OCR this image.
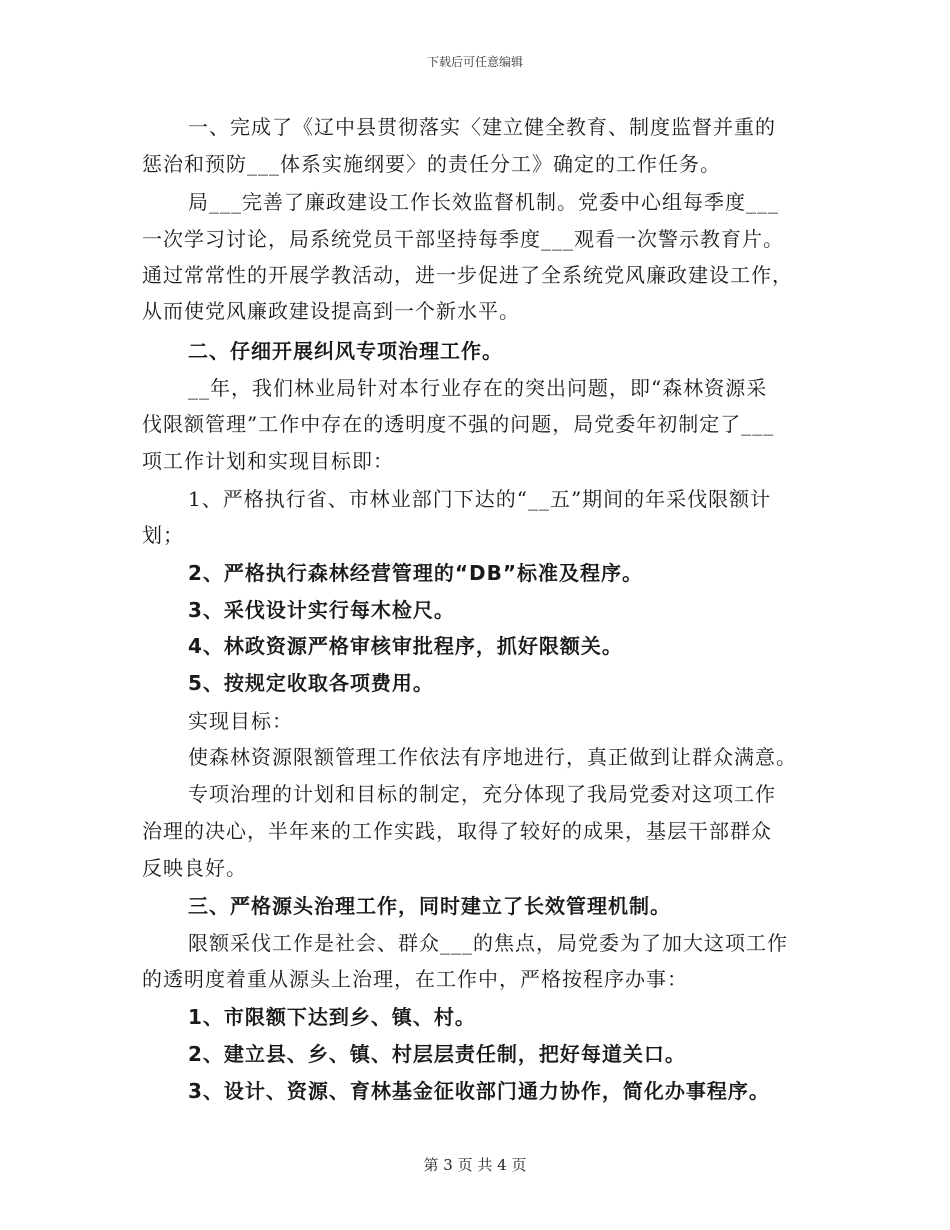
下载后可任意编辑
一、完成了《辽中县贯彻落实〈建立健全教育、制度监督并重的
惩治和预防___体系实施纲要〉的责任分工》确定的工作任务。
局___完善了廉政建设工作长效监督机制。党委中心组每季度___
一次学习讨论，局系统党员干部坚持每季度___观看一次警示教育片。
通过常常性的开展学教活动，进一步促进了全系统党风廉政建设工作，
从而使党风廉政建设提高到一个新水平。
二、仔细开展纠风专项治理工作。
__年，我们林业局针对本行业存在的突出问题，即“森林资源采
伐限额管理”工作中存在的透明度不强的问题，局党委年初制定了___
项工作计划和实现目标即：
1、严格执行省、市林业部门下达的“__五”期间的年采伐限额计
划；
2、严格执行森林经营管理的“DB”标准及程序。
3、采伐设计实行每木检尺。
4、林政资源严格审核审批程序，抓好限额关。
5、按规定收取各项费用。
实现目标：
使森林资源限额管理工作依法有序地进行，真正做到让群众满意。
专项治理的计划和目标的制定，充分体现了我局党委对这项工作
治理的决心，半年来的工作实践，取得了较好的成果，基层干部群众
反映良好。
三、严格源头治理工作，同时建立了长效管理机制。
限额采伐工作是社会、群众___的焦点，局党委为了加大这项工作
的透明度着重从源头上治理，在工作中，严格按程序办事：
1、市限额下达到乡、镇、村。
2、建立县、乡、镇、村层层责任制，把好每道关口。
3、设计、资源、育林基金征收部门通力协作，简化办事程序。
第 3 页 共 4 页
